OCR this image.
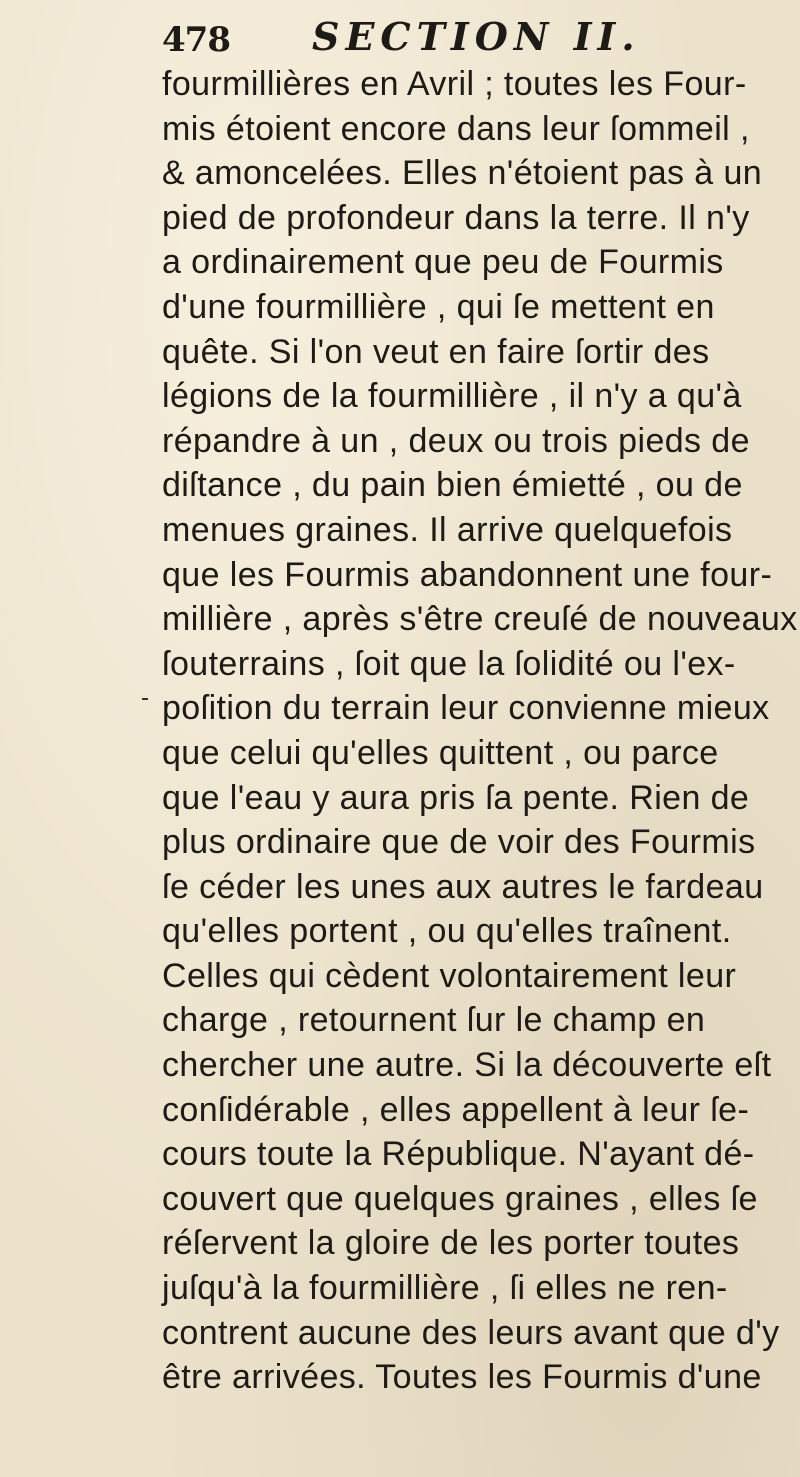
478 SECTION II.
fourmillières en Avril ; toutes les Four-
mis étoient encore dans leur ſommeil ,
& amoncelées. Elles n'étoient pas à un
pied de profondeur dans la terre. Il n'y
a ordinairement que peu de Fourmis
d'une fourmillière , qui ſe mettent en
quête. Si l'on veut en faire ſortir des
légions de la fourmillière , il n'y a qu'à
répandre à un , deux ou trois pieds de
diſtance , du pain bien émietté , ou de
menues graines. Il arrive quelquefois
que les Fourmis abandonnent une four-
millière , après s'être creuſé de nouveaux
ſouterrains , ſoit que la ſolidité ou l'ex-
poſition du terrain leur convienne mieux
que celui qu'elles quittent , ou parce
que l'eau y aura pris ſa pente. Rien de
plus ordinaire que de voir des Fourmis
ſe céder les unes aux autres le fardeau
qu'elles portent , ou qu'elles traînent.
Celles qui cèdent volontairement leur
charge , retournent ſur le champ en
chercher une autre. Si la découverte eſt
conſidérable , elles appellent à leur ſe-
cours toute la République. N'ayant dé-
couvert que quelques graines , elles ſe
réſervent la gloire de les porter toutes
juſqu'à la fourmillière , ſi elles ne ren-
contrent aucune des leurs avant que d'y
être arrivées. Toutes les Fourmis d'une
